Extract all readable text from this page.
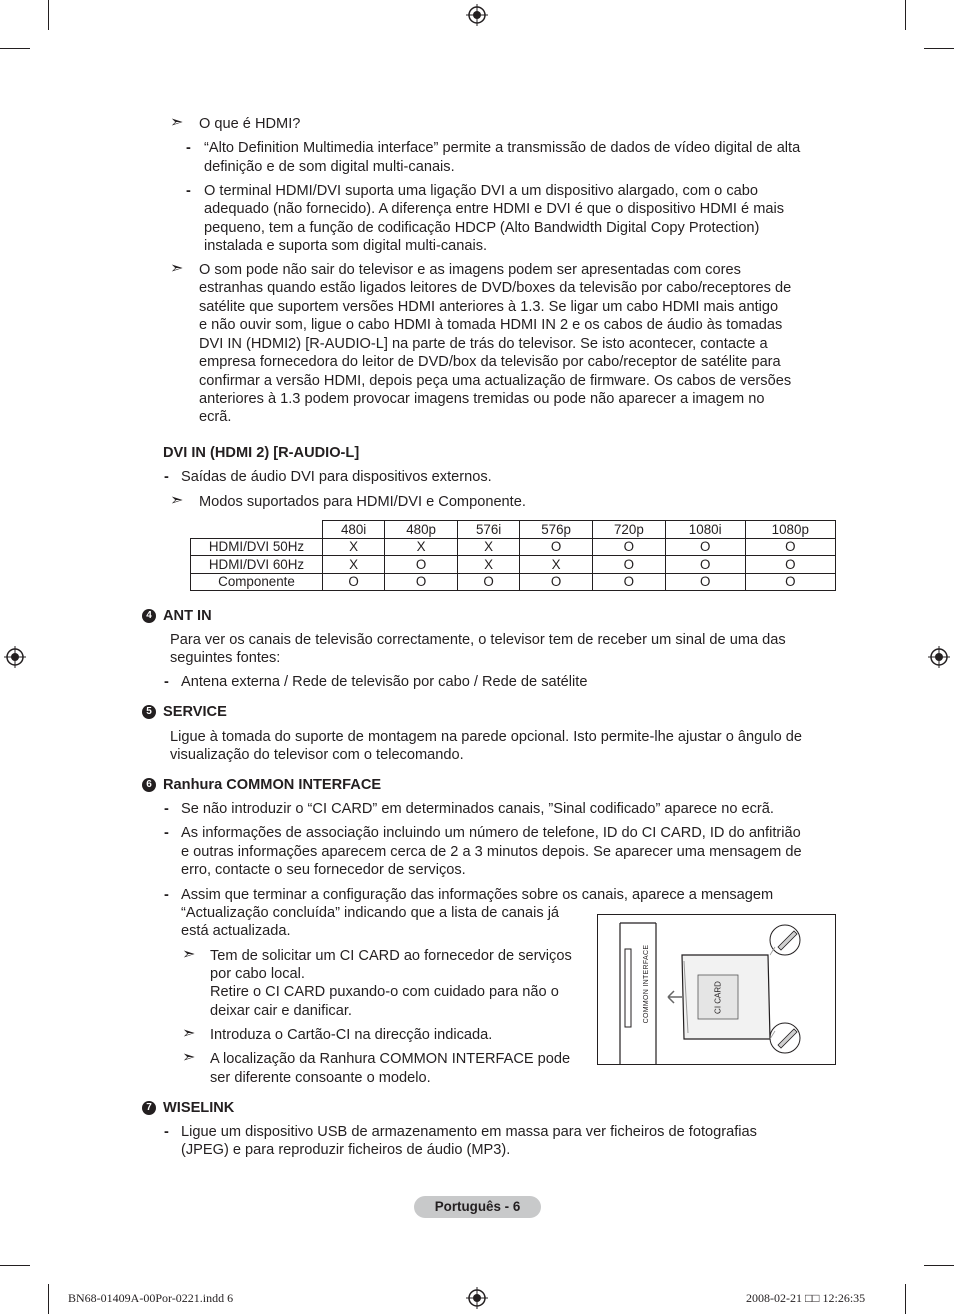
➣ O que é HDMI?
- “Alto Definition Multimedia interface” permite a transmissão de dados de vídeo digital de alta
definição e de som digital multi-canais.
- O terminal HDMI/DVI suporta uma ligação DVI a um dispositivo alargado, com o cabo
adequado (não fornecido). A diferença entre HDMI e DVI é que o dispositivo HDMI é mais
pequeno, tem a função de codificação HDCP (Alto Bandwidth Digital Copy Protection)
instalada e suporta som digital multi-canais.
➣ O som pode não sair do televisor e as imagens podem ser apresentadas com cores
estranhas quando estão ligados leitores de DVD/boxes da televisão por cabo/receptores de
satélite que suportem versões HDMI anteriores à 1.3. Se ligar um cabo HDMI mais antigo
e não ouvir som, ligue o cabo HDMI à tomada HDMI IN 2 e os cabos de áudio às tomadas
DVI IN (HDMI2) [R-AUDIO-L] na parte de trás do televisor. Se isto acontecer, contacte a
empresa fornecedora do leitor de DVD/box da televisão por cabo/receptor de satélite para
confirmar a versão HDMI, depois peça uma actualização de firmware. Os cabos de versões
anteriores à 1.3 podem provocar imagens tremidas ou pode não aparecer a imagem no
ecrã.
DVI IN (HDMI 2) [R-AUDIO-L]
- Saídas de áudio DVI para dispositivos externos.
➣ Modos suportados para HDMI/DVI e Componente.
	480i	480p	576i	576p	720p	1080i	1080p
HDMI/DVI 50Hz	X	X	X	O	O	O	O
HDMI/DVI 60Hz	X	O	X	X	O	O	O
Componente	O	O	O	O	O	O	O
4 ANT IN
Para ver os canais de televisão correctamente, o televisor tem de receber um sinal de uma das
seguintes fontes:
- Antena externa / Rede de televisão por cabo / Rede de satélite
5 SERVICE
Ligue à tomada do suporte de montagem na parede opcional. Isto permite-lhe ajustar o ângulo de
visualização do televisor com o telecomando.
6 Ranhura COMMON INTERFACE
- Se não introduzir o “CI CARD” em determinados canais, ”Sinal codificado” aparece no ecrã.
- As informações de associação incluindo um número de telefone, ID do CI CARD, ID do anfitrião
e outras informações aparecem cerca de 2 a 3 minutos depois. Se aparecer uma mensagem de
erro, contacte o seu fornecedor de serviços.
- Assim que terminar a configuração das informações sobre os canais, aparece a mensagem
“Actualização concluída” indicando que a lista de canais já
está actualizada.
➣ Tem de solicitar um CI CARD ao fornecedor de serviços
por cabo local.
Retire o CI CARD puxando-o com cuidado para não o
deixar cair e danificar.
➣ Introduza o Cartão-CI na direcção indicada.
➣ A localização da Ranhura COMMON INTERFACE pode
ser diferente consoante o modelo.
COMMON INTERFACE	CI CARD
7 WISELINK
- Ligue um dispositivo USB de armazenamento em massa para ver ficheiros de fotografias
(JPEG) e para reproduzir ficheiros de áudio (MP3).
Português - 6
BN68-01409A-00Por-0221.indd 6	2008-02-21 □□ 12:26:35
